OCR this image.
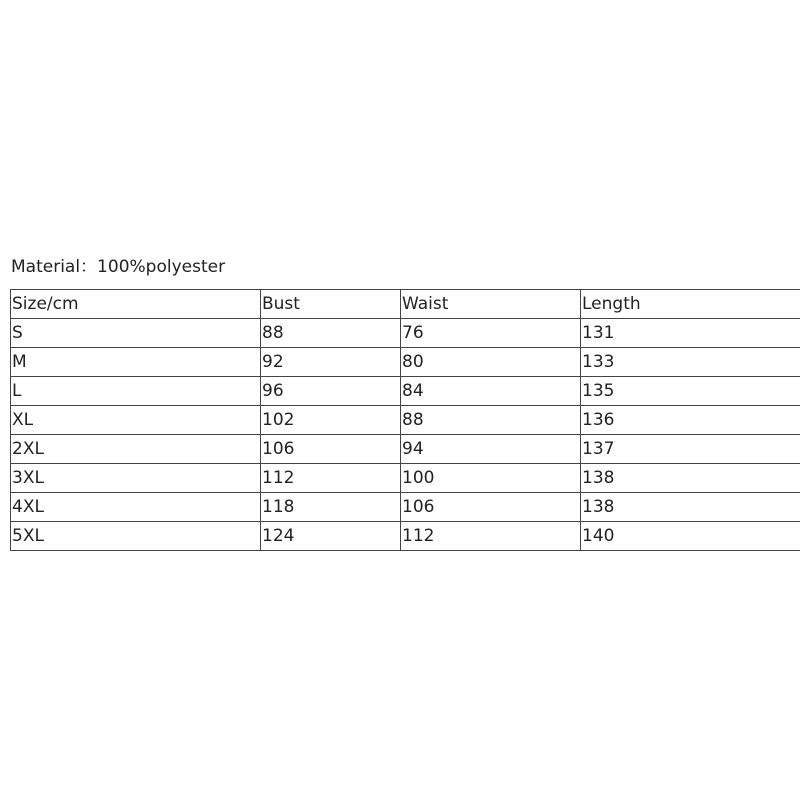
Material：100%polyester
Size/cm	Bust	Waist	Length
S	88	76	131
M	92	80	133
L	96	84	135
XL	102	88	136
2XL	106	94	137
3XL	112	100	138
4XL	118	106	138
5XL	124	112	140
